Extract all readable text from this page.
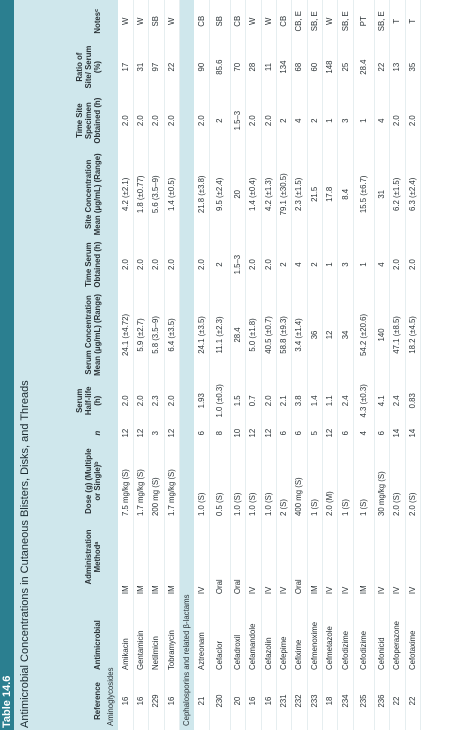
Table 14.6 Antimicrobial Concentrations in Cutaneous Blisters, Disks, and Threads	Reference	Antimicrobial	Administration Methodᵃ	Dose (g) (Multiple or Single)ᵇ	n	Serum Half-life (h)	Serum Concentration Mean (μg/mL) (Range)	Time Serum Obtained (h)	Site Concentration Mean (μg/mL) (Range)	Time Site Specimen Obtained (h)	Ratio of Site/ Serum (%)	Notesᶜ
Aminoglycosides											
16	Amikacin	IM	7.5 mg/kg (S)	12	2.0	24.1 (±4.72)	2.0	4.2 (±2.1)	2.0	17	W
16	Gentamicin	IM	1.7 mg/kg (S)	12	2.0	5.9 (±2.7)	2.0	1.8 (±0.77)	2.0	31	W
229	Netilmicin	IM	200 mg (S)	3	2.3	5.8 (3.5–9)	2.0	5.6 (3.5–9)	2.0	97	SB
16	Tobramycin	IM	1.7 mg/kg (S)	12	2.0	6.4 (±3.5)	2.0	1.4 (±0.5)	2.0	22	W
Cephalosporins and related β-lactams											
21	Aztreonam	IV	1.0 (S)	6	1.93	24.1 (±3.5)	2.0	21.8 (±3.8)	2.0	90	CB
230	Cefaclor	Oral	0.5 (S)	8	1.0 (±0.3)	11.1 (±2.3)	2	9.5 (±2.4)	2	85.6	SB
20	Cefadroxil	Oral	1.0 (S)	10	1.5	28.4	1.5–3	20	1.5–3	70	CB
16	Cefamandole	IV	1.0 (S)	12	0.7	5.0 (±1.8)	2.0	1.4 (±0.4)	2.0	28	W
16	Cefazolin	IV	1.0 (S)	12	2.0	40.5 (±0.7)	2.0	4.2 (±1.3)	2.0	11	W
231	Cefepime	IV	2 (S)	6	2.1	58.8 (±9.3)	2	79.1 (±30.5)	2	134	CB
232	Cefixime	Oral	400 mg (S)	6	3.8	3.4 (±1.4)	4	2.3 (±1.5)	4	68	CB, E
233	Cefmenoxime	IM	1 (S)	5	1.4	36	2	21.5	2	60	SB, E
18	Cefmetazole	IV	2.0 (M)	12	1.1	12	1	17.8	1	148	W
234	Cefodizime	IV	1 (S)	6	2.4	34	3	8.4	3	25	SB, E
235	Cefodizime	IM	1 (S)	4	4.3 (±0.3)	54.2 (±20.6)	1	15.5 (±6.7)	1	28.4	PT
236	Cefonicid	IV	30 mg/kg (S)	6	4.1	140	4	31	4	22	SB, E
22	Cefoperazone	IV	2.0 (S)	14	2.4	47.1 (±8.5)	2.0	6.2 (±1.5)	2.0	13	T
22	Cefotaxime	IV	2.0 (S)	14	0.83	18.2 (±4.5)	2.0	6.3 (±2.4)	2.0	35	T
